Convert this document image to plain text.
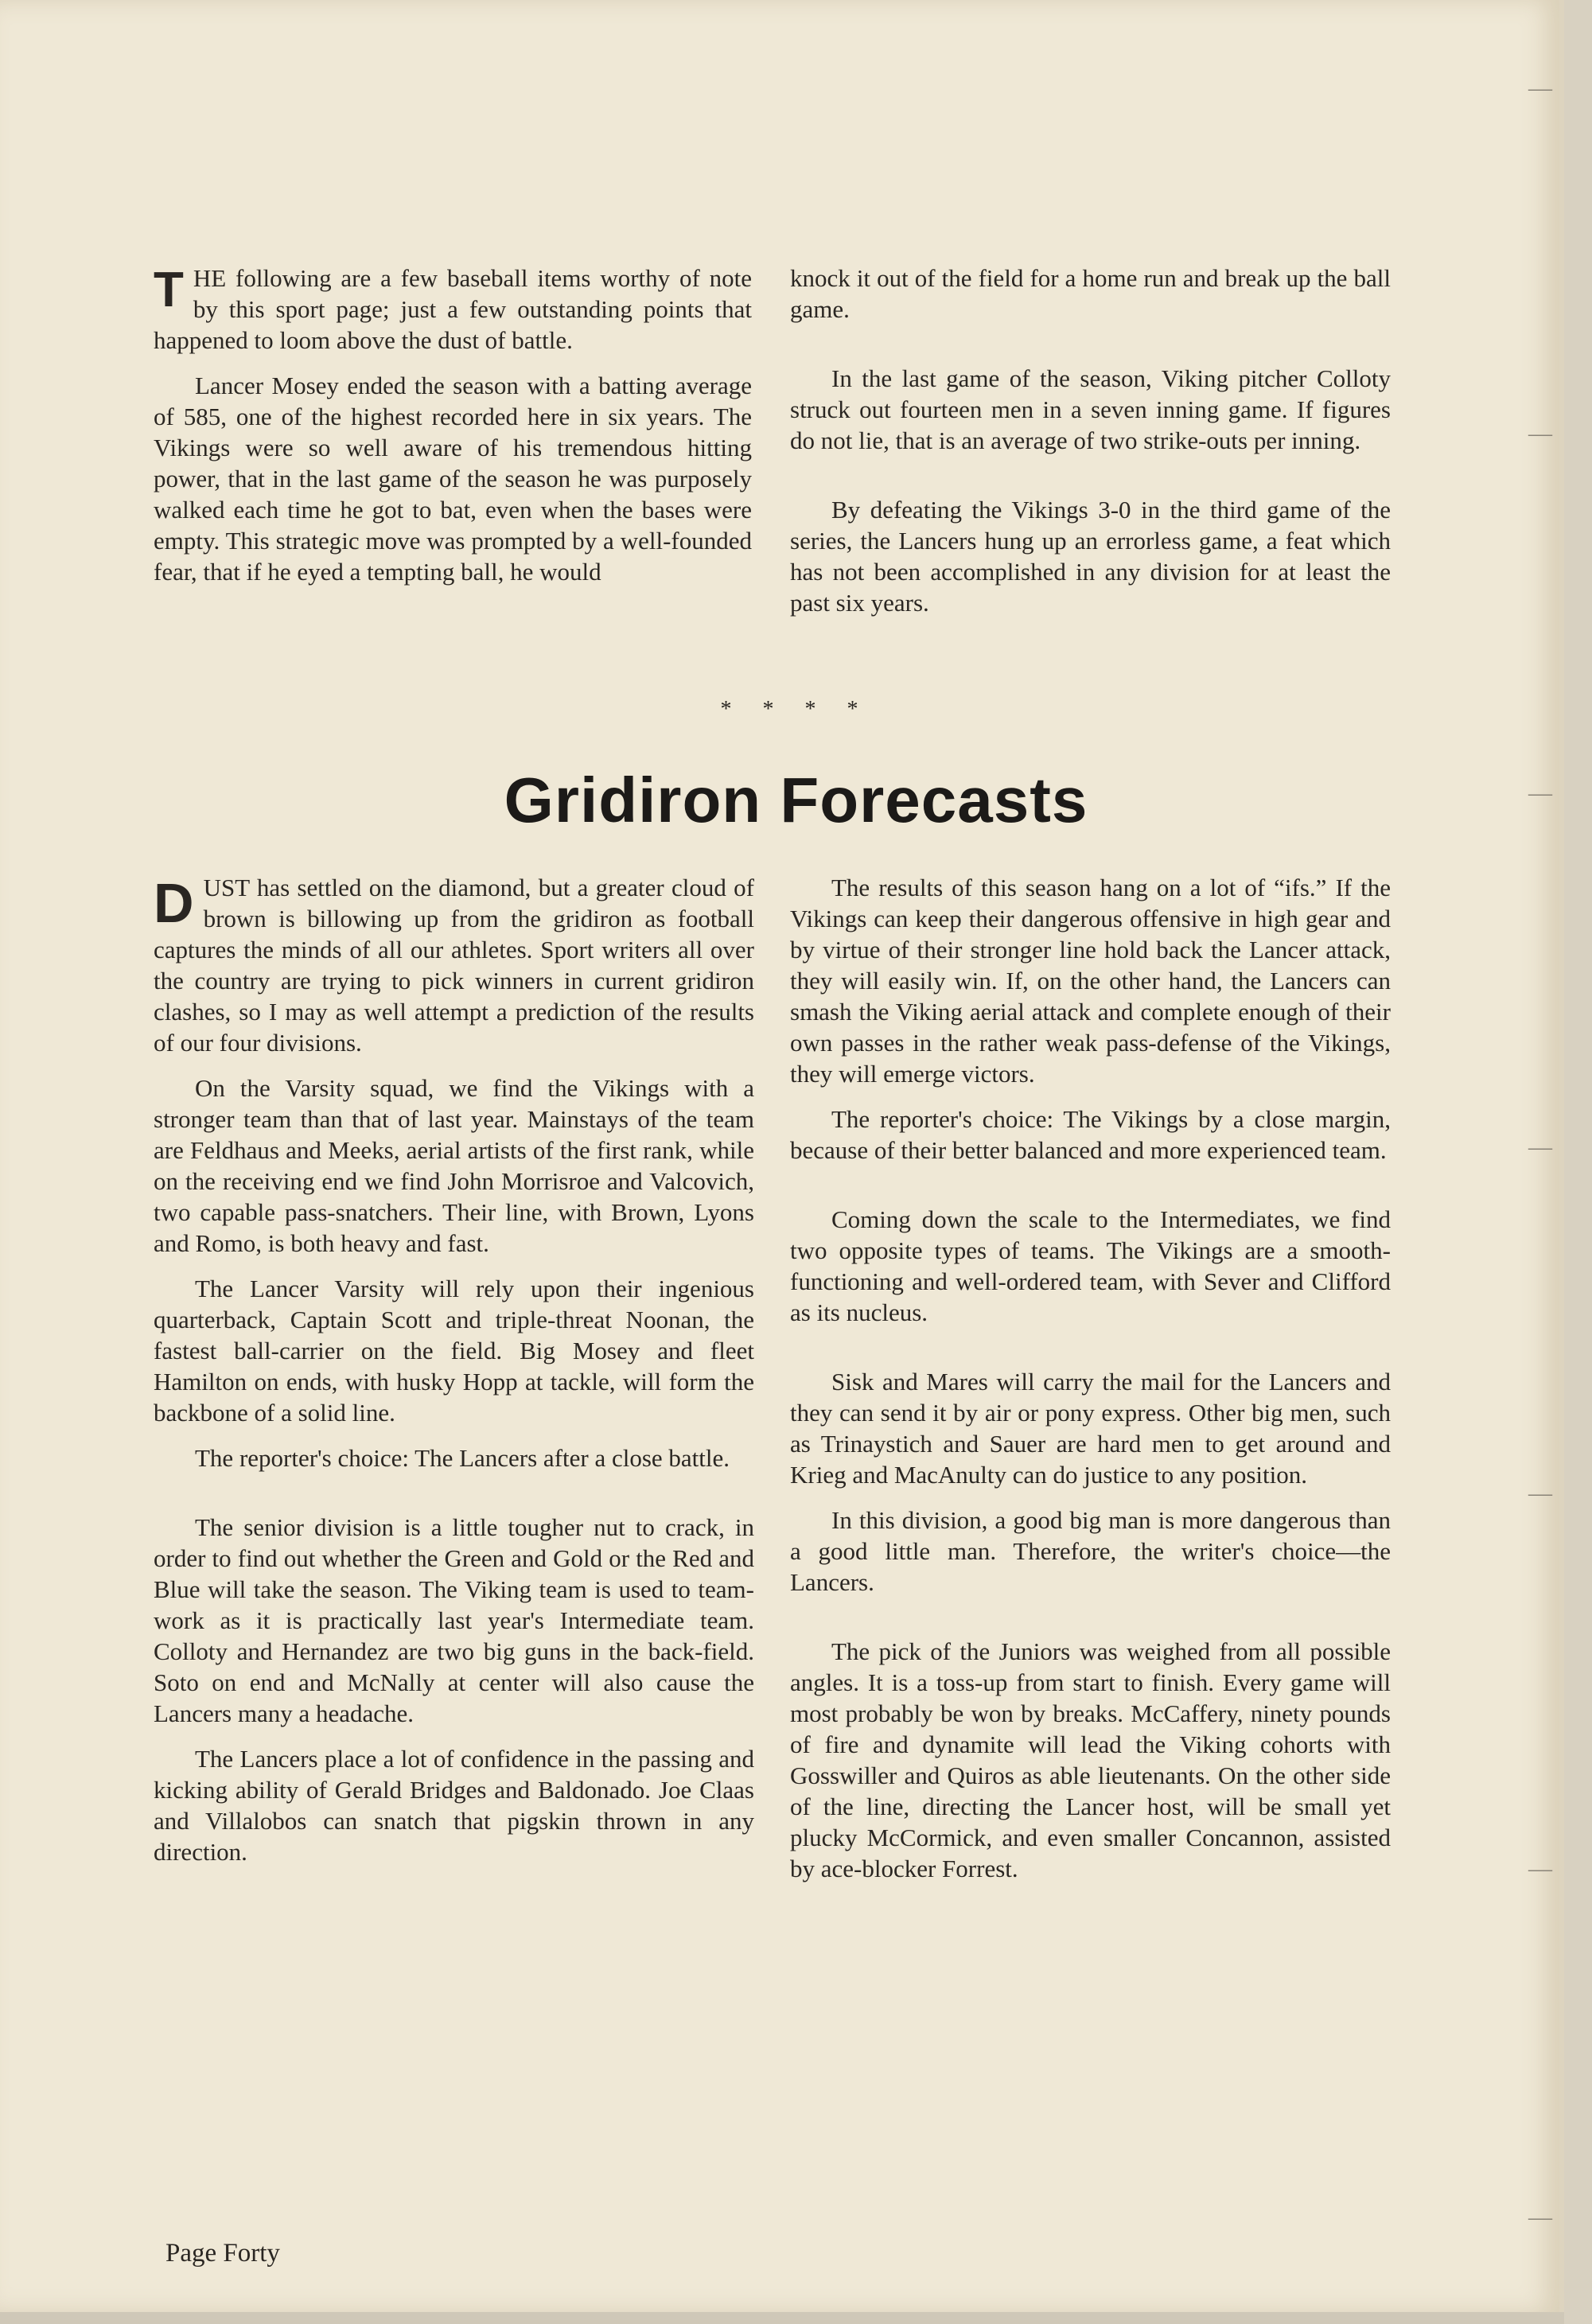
THE following are a few baseball items worthy of note by this sport page; just a few outstanding points that happened to loom above the dust of battle.

Lancer Mosey ended the season with a batting average of 585, one of the highest recorded here in six years. The Vikings were so well aware of his tremendous hitting power, that in the last game of the season he was purposely walked each time he got to bat, even when the bases were empty. This strategic move was prompted by a well-founded fear, that if he eyed a tempting ball, he would

knock it out of the field for a home run and break up the ball game.

In the last game of the season, Viking pitcher Colloty struck out fourteen men in a seven inning game. If figures do not lie, that is an average of two strike-outs per inning.

By defeating the Vikings 3-0 in the third game of the series, the Lancers hung up an errorless game, a feat which has not been accomplished in any division for at least the past six years.

* * * *
Gridiron Forecasts

DUST has settled on the diamond, but a greater cloud of brown is billowing up from the gridiron as football captures the minds of all our athletes. Sport writers all over the country are trying to pick winners in current gridiron clashes, so I may as well attempt a prediction of the results of our four divisions.

On the Varsity squad, we find the Vikings with a stronger team than that of last year. Mainstays of the team are Feldhaus and Meeks, aerial artists of the first rank, while on the receiving end we find John Morrisroe and Valcovich, two capable pass-snatchers. Their line, with Brown, Lyons and Romo, is both heavy and fast.

The Lancer Varsity will rely upon their ingenious quarterback, Captain Scott and triple-threat Noonan, the fastest ball-carrier on the field. Big Mosey and fleet Hamilton on ends, with husky Hopp at tackle, will form the backbone of a solid line.

The reporter's choice: The Lancers after a close battle.

The senior division is a little tougher nut to crack, in order to find out whether the Green and Gold or the Red and Blue will take the season. The Viking team is used to team-work as it is practically last year's Intermediate team. Colloty and Hernandez are two big guns in the back-field. Soto on end and McNally at center will also cause the Lancers many a headache.

The Lancers place a lot of confidence in the passing and kicking ability of Gerald Bridges and Baldonado. Joe Claas and Villalobos can snatch that pigskin thrown in any direction.

The results of this season hang on a lot of “ifs.” If the Vikings can keep their dangerous offensive in high gear and by virtue of their stronger line hold back the Lancer attack, they will easily win. If, on the other hand, the Lancers can smash the Viking aerial attack and complete enough of their own passes in the rather weak pass-defense of the Vikings, they will emerge victors.

The reporter's choice: The Vikings by a close margin, because of their better balanced and more experienced team.

Coming down the scale to the Intermediates, we find two opposite types of teams. The Vikings are a smooth-functioning and well-ordered team, with Sever and Clifford as its nucleus.

Sisk and Mares will carry the mail for the Lancers and they can send it by air or pony express. Other big men, such as Trinaystich and Sauer are hard men to get around and Krieg and MacAnulty can do justice to any position.

In this division, a good big man is more dangerous than a good little man. Therefore, the writer's choice—the Lancers.

The pick of the Juniors was weighed from all possible angles. It is a toss-up from start to finish. Every game will most probably be won by breaks. McCaffery, ninety pounds of fire and dynamite will lead the Viking cohorts with Gosswiller and Quiros as able lieutenants. On the other side of the line, directing the Lancer host, will be small yet plucky McCormick, and even smaller Concannon, assisted by ace-blocker Forrest.

Page Forty
—
—
—
—
—
—
—
